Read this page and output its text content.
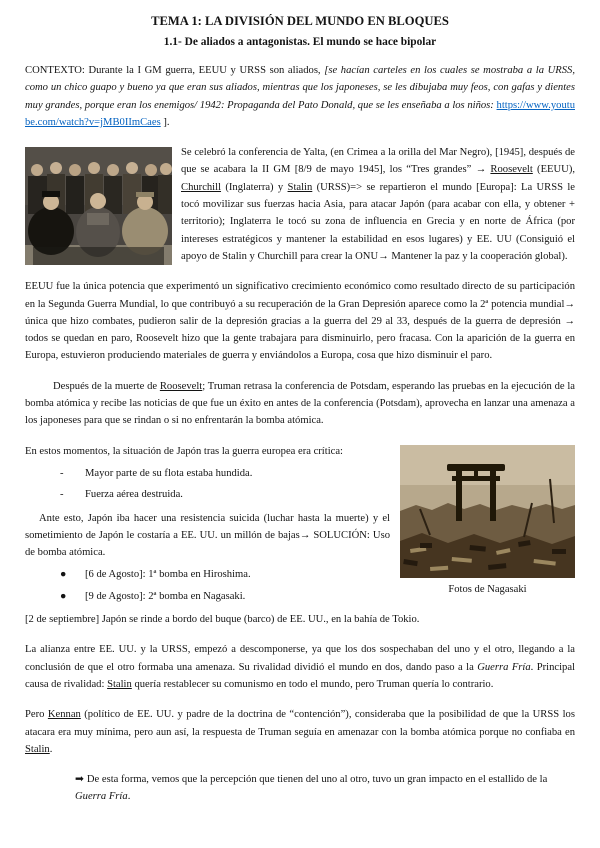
TEMA 1: LA DIVISIÓN DEL MUNDO EN BLOQUES
1.1- De aliados a antagonistas. El mundo se hace bipolar
CONTEXTO: Durante la I GM guerra, EEUU y URSS son aliados, [se hacían carteles en los cuales se mostraba a la URSS, como un chico guapo y bueno ya que eran sus aliados, mientras que los japoneses, se les dibujaba muy feos, con gafas y dientes muy grandes, porque eran los enemigos/ 1942: Propaganda del Pato Donald, que se les enseñaba a los niños: https://www.youtube.com/watch?v=jMB0IImCaes ].
Se celebró la conferencia de Yalta, (en Crimea a la orilla del Mar Negro), [1945], después de que se acabara la II GM [8/9 de mayo 1945], los “Tres grandes” → Roosevelt (EEUU), Churchill (Inglaterra) y Stalin (URSS)=> se repartieron el mundo [Europa]: La URSS le tocó movilizar sus fuerzas hacia Asia, para atacar Japón (para acabar con ella, y obtener + territorio); Inglaterra le tocó su zona de influencia en Grecia y en norte de África (por intereses estratégicos y mantener la estabilidad en esos lugares) y EE. UU (Consiguió el apoyo de Stalin y Churchill para crear la ONU→ Mantener la paz y la cooperación global).
EEUU fue la única potencia que experimentó un significativo crecimiento económico como resultado directo de su participación en la Segunda Guerra Mundial, lo que contribuyó a su recuperación de la Gran Depresión aparece como la 2ª potencia mundial→ única que hizo combates, pudieron salir de la depresión gracias a la guerra del 29 al 33, después de la guerra de depresión → todos se quedan en paro, Roosevelt hizo que la gente trabajara para disminuirlo, pero fracasa. Con la aparición de la guerra en Europa, estuvieron produciendo materiales de guerra y enviándolos a Europa, cosa que hizo disminuir el paro.
Después de la muerte de Roosevelt; Truman retrasa la conferencia de Potsdam, esperando las pruebas en la ejecución de la bomba atómica y recibe las noticias de que fue un éxito en antes de la conferencia (Potsdam), aprovecha en lanzar una amenaza a los japoneses para que se rindan o si no enfrentarán la bomba atómica.
Fotos de Nagasaki
En estos momentos, la situación de Japón tras la guerra europea era crítica:
-	Mayor parte de su flota estaba hundida.
-	Fuerza aérea destruida.
Ante esto, Japón iba hacer una resistencia suicida (luchar hasta la muerte) y el sometimiento de Japón le costaría a EE. UU. un millón de bajas→ SOLUCIÓN: Uso de bomba atómica.
●	[6 de Agosto]: 1ª bomba en Hiroshima.
●	[9 de Agosto]: 2ª bomba en Nagasaki.
[2 de septiembre] Japón se rinde a bordo del buque (barco) de EE. UU., en la bahía de Tokio.
La alianza entre EE. UU. y la URSS, empezó a descomponerse, ya que los dos sospechaban del uno y el otro, llegando a la conclusión de que el otro formaba una amenaza. Su rivalidad dividió el mundo en dos, dando paso a la Guerra Fría. Principal causa de rivalidad: Stalin quería restablecer su comunismo en todo el mundo, pero Truman quería lo contrario.
Pero Kennan (político de EE. UU. y padre de la doctrina de “contención”), consideraba que la posibilidad de que la URSS los atacara era muy mínima, pero aun así, la respuesta de Truman seguía en amenazar con la bomba atómica porque no confiaba en Stalin.
➡ De esta forma, vemos que la percepción que tienen del uno al otro, tuvo un gran impacto en el estallido de la Guerra Fría.
